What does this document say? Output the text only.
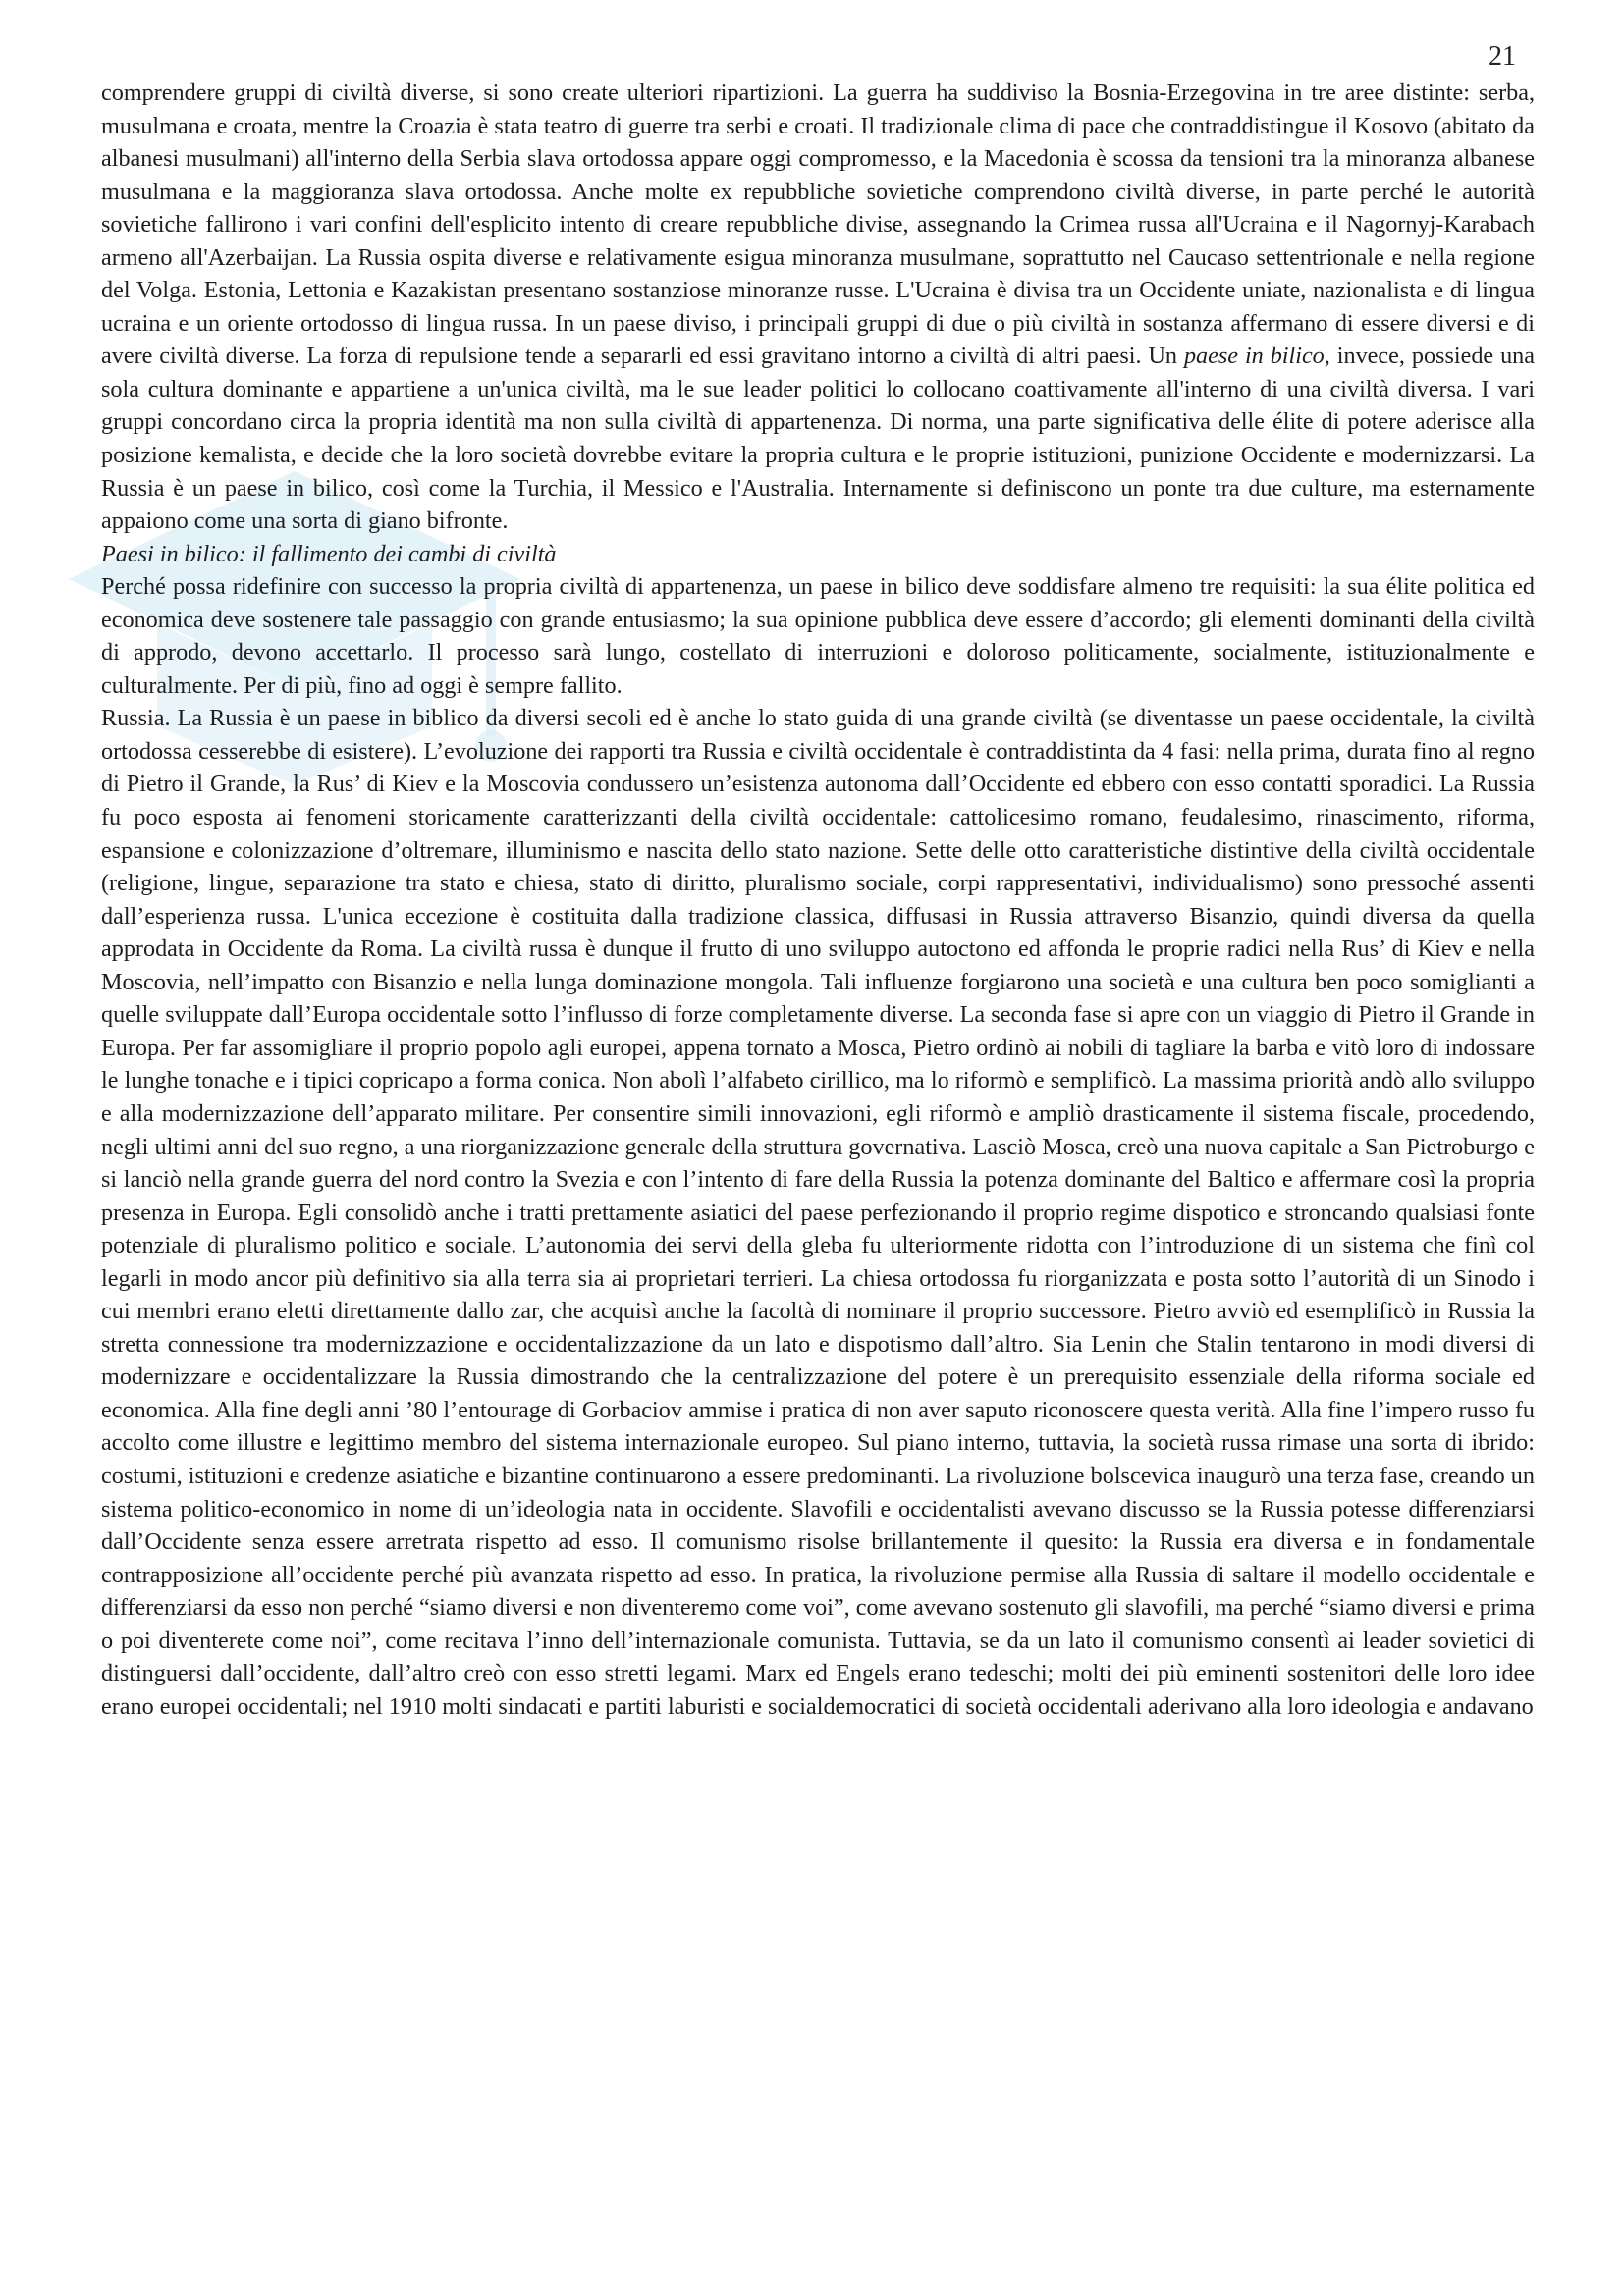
21

comprendere gruppi di civiltà diverse, si sono create ulteriori ripartizioni. La guerra ha suddiviso la Bosnia-Erzegovina in tre aree distinte: serba, musulmana e croata, mentre la Croazia è stata teatro di guerre tra serbi e croati. Il tradizionale clima di pace che contraddistingue il Kosovo (abitato da albanesi musulmani) all'interno della Serbia slava ortodossa appare oggi compromesso, e la Macedonia è scossa da tensioni tra la minoranza albanese musulmana e la maggioranza slava ortodossa. Anche molte ex repubbliche sovietiche comprendono civiltà diverse, in parte perché le autorità sovietiche fallirono i vari confini dell'esplicito intento di creare repubbliche divise, assegnando la Crimea russa all'Ucraina e il Nagornyj-Karabach armeno all'Azerbaijan. La Russia ospita diverse e relativamente esigua minoranza musulmane, soprattutto nel Caucaso settentrionale e nella regione del Volga. Estonia, Lettonia e Kazakistan presentano sostanziose minoranze russe. L'Ucraina è divisa tra un Occidente uniate, nazionalista e di lingua ucraina e un oriente ortodosso di lingua russa. In un paese diviso, i principali gruppi di due o più civiltà in sostanza affermano di essere diversi e di avere civiltà diverse. La forza di repulsione tende a separarli ed essi gravitano intorno a civiltà di altri paesi. Un paese in bilico, invece, possiede una sola cultura dominante e appartiene a un'unica civiltà, ma le sue leader politici lo collocano coattivamente all'interno di una civiltà diversa. I vari gruppi concordano circa la propria identità ma non sulla civiltà di appartenenza. Di norma, una parte significativa delle élite di potere aderisce alla posizione kemalista, e decide che la loro società dovrebbe evitare la propria cultura e le proprie istituzioni, punizione Occidente e modernizzarsi. La Russia è un paese in bilico, così come la Turchia, il Messico e l'Australia. Internamente si definiscono un ponte tra due culture, ma esternamente appaiono come una sorta di giano bifronte.

Paesi in bilico: il fallimento dei cambi di civiltà

Perché possa ridefinire con successo la propria civiltà di appartenenza, un paese in bilico deve soddisfare almeno tre requisiti: la sua élite politica ed economica deve sostenere tale passaggio con grande entusiasmo; la sua opinione pubblica deve essere d’accordo; gli elementi dominanti della civiltà di approdo, devono accettarlo. Il processo sarà lungo, costellato di interruzioni e doloroso politicamente, socialmente, istituzionalmente e culturalmente. Per di più, fino ad oggi è sempre fallito.

Russia. La Russia è un paese in biblico da diversi secoli ed è anche lo stato guida di una grande civiltà (se diventasse un paese occidentale, la civiltà ortodossa cesserebbe di esistere). L’evoluzione dei rapporti tra Russia e civiltà occidentale è contraddistinta da 4 fasi: nella prima, durata fino al regno di Pietro il Grande, la Rus’ di Kiev e la Moscovia condussero un’esistenza autonoma dall’Occidente ed ebbero con esso contatti sporadici. La Russia fu poco esposta ai fenomeni storicamente caratterizzanti della civiltà occidentale: cattolicesimo romano, feudalesimo, rinascimento, riforma, espansione e colonizzazione d’oltremare, illuminismo e nascita dello stato nazione. Sette delle otto caratteristiche distintive della civiltà occidentale (religione, lingue, separazione tra stato e chiesa, stato di diritto, pluralismo sociale, corpi rappresentativi, individualismo) sono pressoché assenti dall’esperienza russa. L'unica eccezione è costituita dalla tradizione classica, diffusasi in Russia attraverso Bisanzio, quindi diversa da quella approdata in Occidente da Roma. La civiltà russa è dunque il frutto di uno sviluppo autoctono ed affonda le proprie radici nella Rus’ di Kiev e nella Moscovia, nell’impatto con Bisanzio e nella lunga dominazione mongola. Tali influenze forgiarono una società e una cultura ben poco somiglianti a quelle sviluppate dall’Europa occidentale sotto l’influsso di forze completamente diverse. La seconda fase si apre con un viaggio di Pietro il Grande in Europa. Per far assomigliare il proprio popolo agli europei, appena tornato a Mosca, Pietro ordinò ai nobili di tagliare la barba e vitò loro di indossare le lunghe tonache e i tipici copricapo a forma conica. Non abolì l’alfabeto cirillico, ma lo riformò e semplificò. La massima priorità andò allo sviluppo e alla modernizzazione dell’apparato militare. Per consentire simili innovazioni, egli riformò e ampliò drasticamente il sistema fiscale, procedendo, negli ultimi anni del suo regno, a una riorganizzazione generale della struttura governativa. Lasciò Mosca, creò una nuova capitale a San Pietroburgo e si lanciò nella grande guerra del nord contro la Svezia e con l’intento di fare della Russia la potenza dominante del Baltico e affermare così la propria presenza in Europa. Egli consolidò anche i tratti prettamente asiatici del paese perfezionando il proprio regime dispotico e stroncando qualsiasi fonte potenziale di pluralismo politico e sociale. L’autonomia dei servi della gleba fu ulteriormente ridotta con l’introduzione di un sistema che finì col legarli in modo ancor più definitivo sia alla terra sia ai proprietari terrieri. La chiesa ortodossa fu riorganizzata e posta sotto l’autorità di un Sinodo i cui membri erano eletti direttamente dallo zar, che acquisì anche la facoltà di nominare il proprio successore. Pietro avviò ed esemplificò in Russia la stretta connessione tra modernizzazione e occidentalizzazione da un lato e dispotismo dall’altro. Sia Lenin che Stalin tentarono in modi diversi di modernizzare e occidentalizzare la Russia dimostrando che la centralizzazione del potere è un prerequisito essenziale della riforma sociale ed economica. Alla fine degli anni ’80 l’entourage di Gorbaciov ammise i pratica di non aver saputo riconoscere questa verità. Alla fine l’impero russo fu accolto come illustre e legittimo membro del sistema internazionale europeo. Sul piano interno, tuttavia, la società russa rimase una sorta di ibrido: costumi, istituzioni e credenze asiatiche e bizantine continuarono a essere predominanti. La rivoluzione bolscevica inaugurò una terza fase, creando un sistema politico-economico in nome di un’ideologia nata in occidente. Slavofili e occidentalisti avevano discusso se la Russia potesse differenziarsi dall’Occidente senza essere arretrata rispetto ad esso. Il comunismo risolse brillantemente il quesito: la Russia era diversa e in fondamentale contrapposizione all’occidente perché più avanzata rispetto ad esso. In pratica, la rivoluzione permise alla Russia di saltare il modello occidentale e differenziarsi da esso non perché “siamo diversi e non diventeremo come voi”, come avevano sostenuto gli slavofili, ma perché “siamo diversi e prima o poi diventerete come noi”, come recitava l’inno dell’internazionale comunista. Tuttavia, se da un lato il comunismo consentì ai leader sovietici di distinguersi dall’occidente, dall’altro creò con esso stretti legami. Marx ed Engels erano tedeschi; molti dei più eminenti sostenitori delle loro idee erano europei occidentali; nel 1910 molti sindacati e partiti laburisti e socialdemocratici di società occidentali aderivano alla loro ideologia e andavano
